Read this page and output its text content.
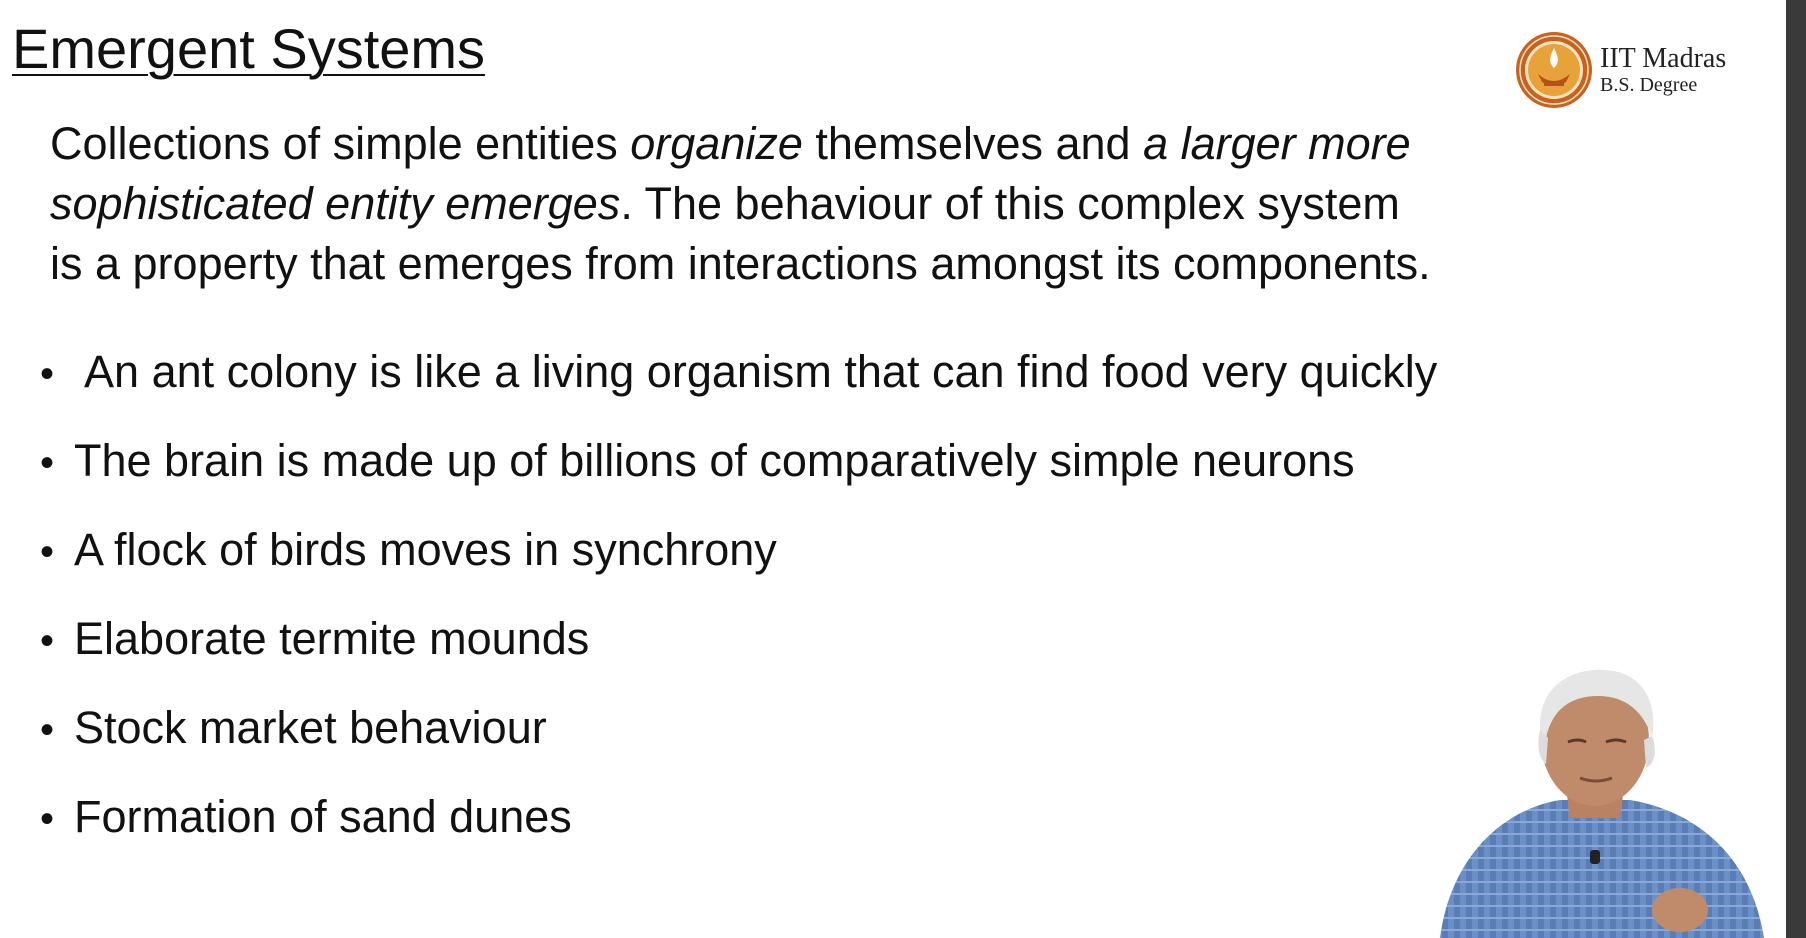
Emergent Systems	IIT Madras
B.S. Degree
Collections of simple entities organize themselves and a larger more
sophisticated entity emerges. The behaviour of this complex system
is a property that emerges from interactions amongst its components.
• An ant colony is like a living organism that can find food very quickly
• The brain is made up of billions of comparatively simple neurons
• A flock of birds moves in synchrony
• Elaborate termite mounds
• Stock market behaviour
• Formation of sand dunes
